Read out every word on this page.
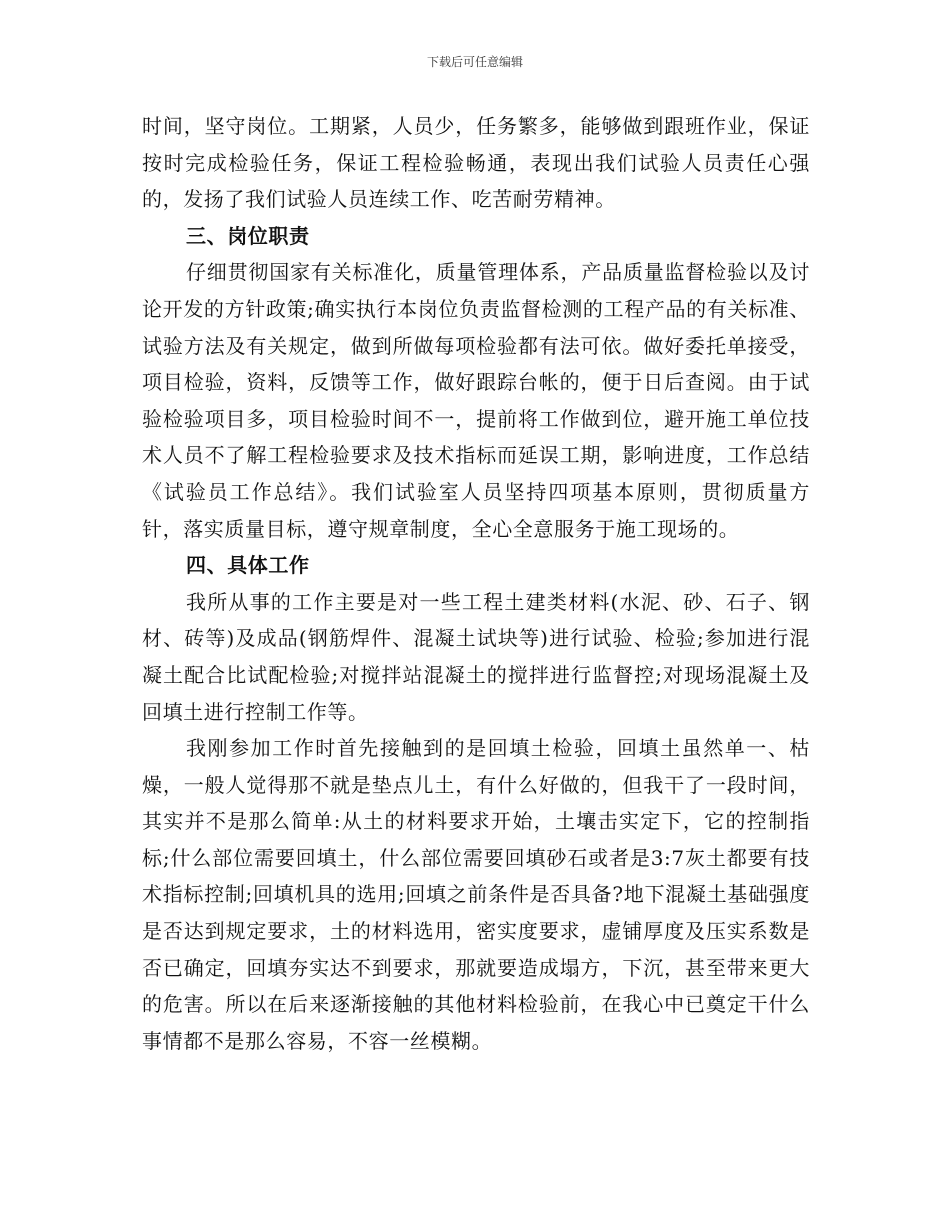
下载后可任意编辑

时间，坚守岗位。工期紧，人员少，任务繁多，能够做到跟班作业，保证按时完成检验任务，保证工程检验畅通，表现出我们试验人员责任心强的，发扬了我们试验人员连续工作、吃苦耐劳精神。

三、岗位职责

仔细贯彻国家有关标准化，质量管理体系，产品质量监督检验以及讨论开发的方针政策;确实执行本岗位负责监督检测的工程产品的有关标准、试验方法及有关规定，做到所做每项检验都有法可依。做好委托单接受，项目检验，资料，反馈等工作，做好跟踪台帐的，便于日后查阅。由于试验检验项目多，项目检验时间不一，提前将工作做到位，避开施工单位技术人员不了解工程检验要求及技术指标而延误工期，影响进度，工作总结《试验员工作总结》。我们试验室人员坚持四项基本原则，贯彻质量方针，落实质量目标，遵守规章制度，全心全意服务于施工现场的。

四、具体工作

我所从事的工作主要是对一些工程土建类材料(水泥、砂、石子、钢材、砖等)及成品(钢筋焊件、混凝土试块等)进行试验、检验;参加进行混凝土配合比试配检验;对搅拌站混凝土的搅拌进行监督控;对现场混凝土及回填土进行控制工作等。

我刚参加工作时首先接触到的是回填土检验，回填土虽然单一、枯燥，一般人觉得那不就是垫点儿土，有什么好做的，但我干了一段时间，其实并不是那么简单:从土的材料要求开始，土壤击实定下，它的控制指标;什么部位需要回填土，什么部位需要回填砂石或者是3:7灰土都要有技术指标控制;回填机具的选用;回填之前条件是否具备?地下混凝土基础强度是否达到规定要求，土的材料选用，密实度要求，虚铺厚度及压实系数是否已确定，回填夯实达不到要求，那就要造成塌方，下沉，甚至带来更大的危害。所以在后来逐渐接触的其他材料检验前，在我心中已奠定干什么事情都不是那么容易，不容一丝模糊。
